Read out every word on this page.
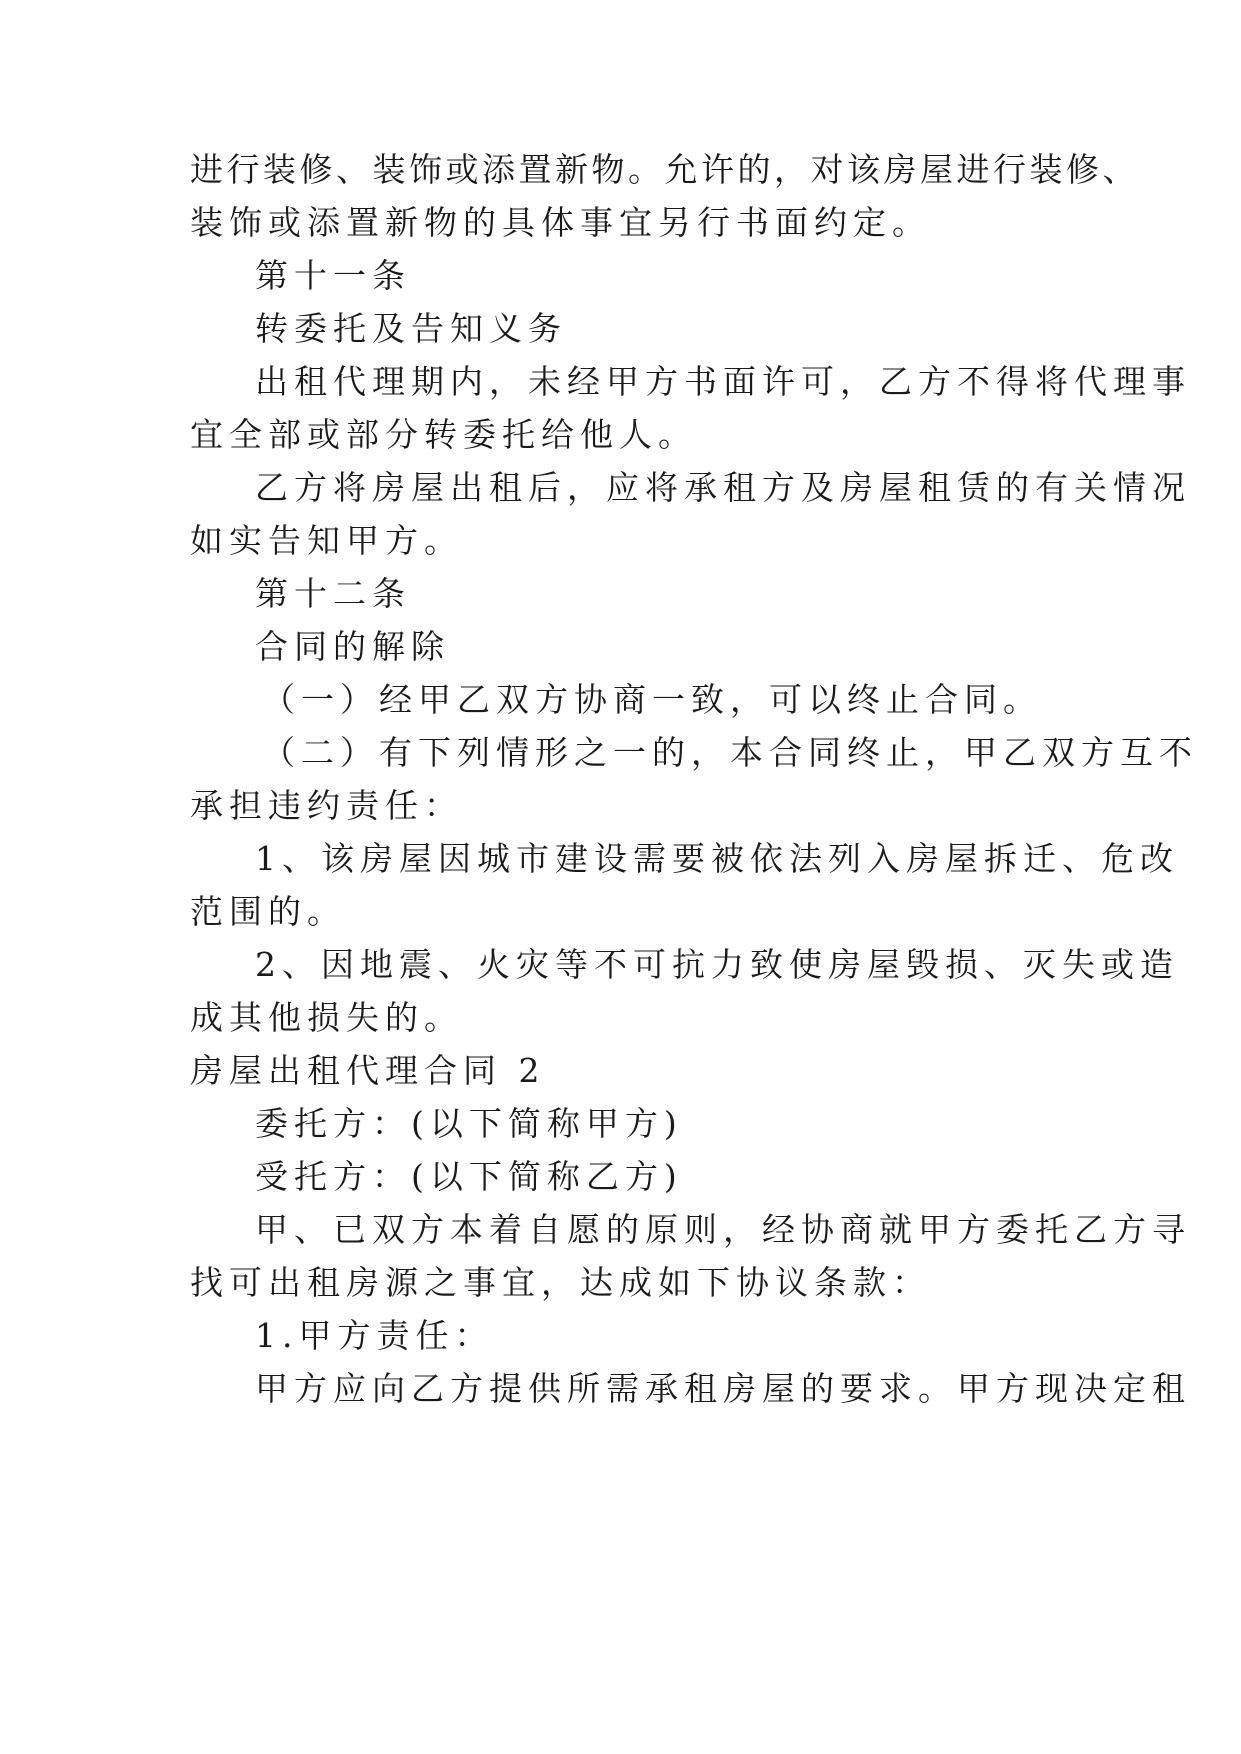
进行装修、装饰或添置新物。允许的，对该房屋进行装修、
装饰或添置新物的具体事宜另行书面约定。
第十一条
转委托及告知义务
出租代理期内，未经甲方书面许可，乙方不得将代理事
宜全部或部分转委托给他人。
乙方将房屋出租后，应将承租方及房屋租赁的有关情况
如实告知甲方。
第十二条
合同的解除
（一）经甲乙双方协商一致，可以终止合同。
（二）有下列情形之一的，本合同终止，甲乙双方互不
承担违约责任：
1、该房屋因城市建设需要被依法列入房屋拆迁、危改
范围的。
2、因地震、火灾等不可抗力致使房屋毁损、灭失或造
成其他损失的。
房屋出租代理合同 2
委托方：(以下简称甲方)
受托方：(以下简称乙方)
甲、已双方本着自愿的原则，经协商就甲方委托乙方寻
找可出租房源之事宜，达成如下协议条款：
1.甲方责任：
甲方应向乙方提供所需承租房屋的要求。甲方现决定租
